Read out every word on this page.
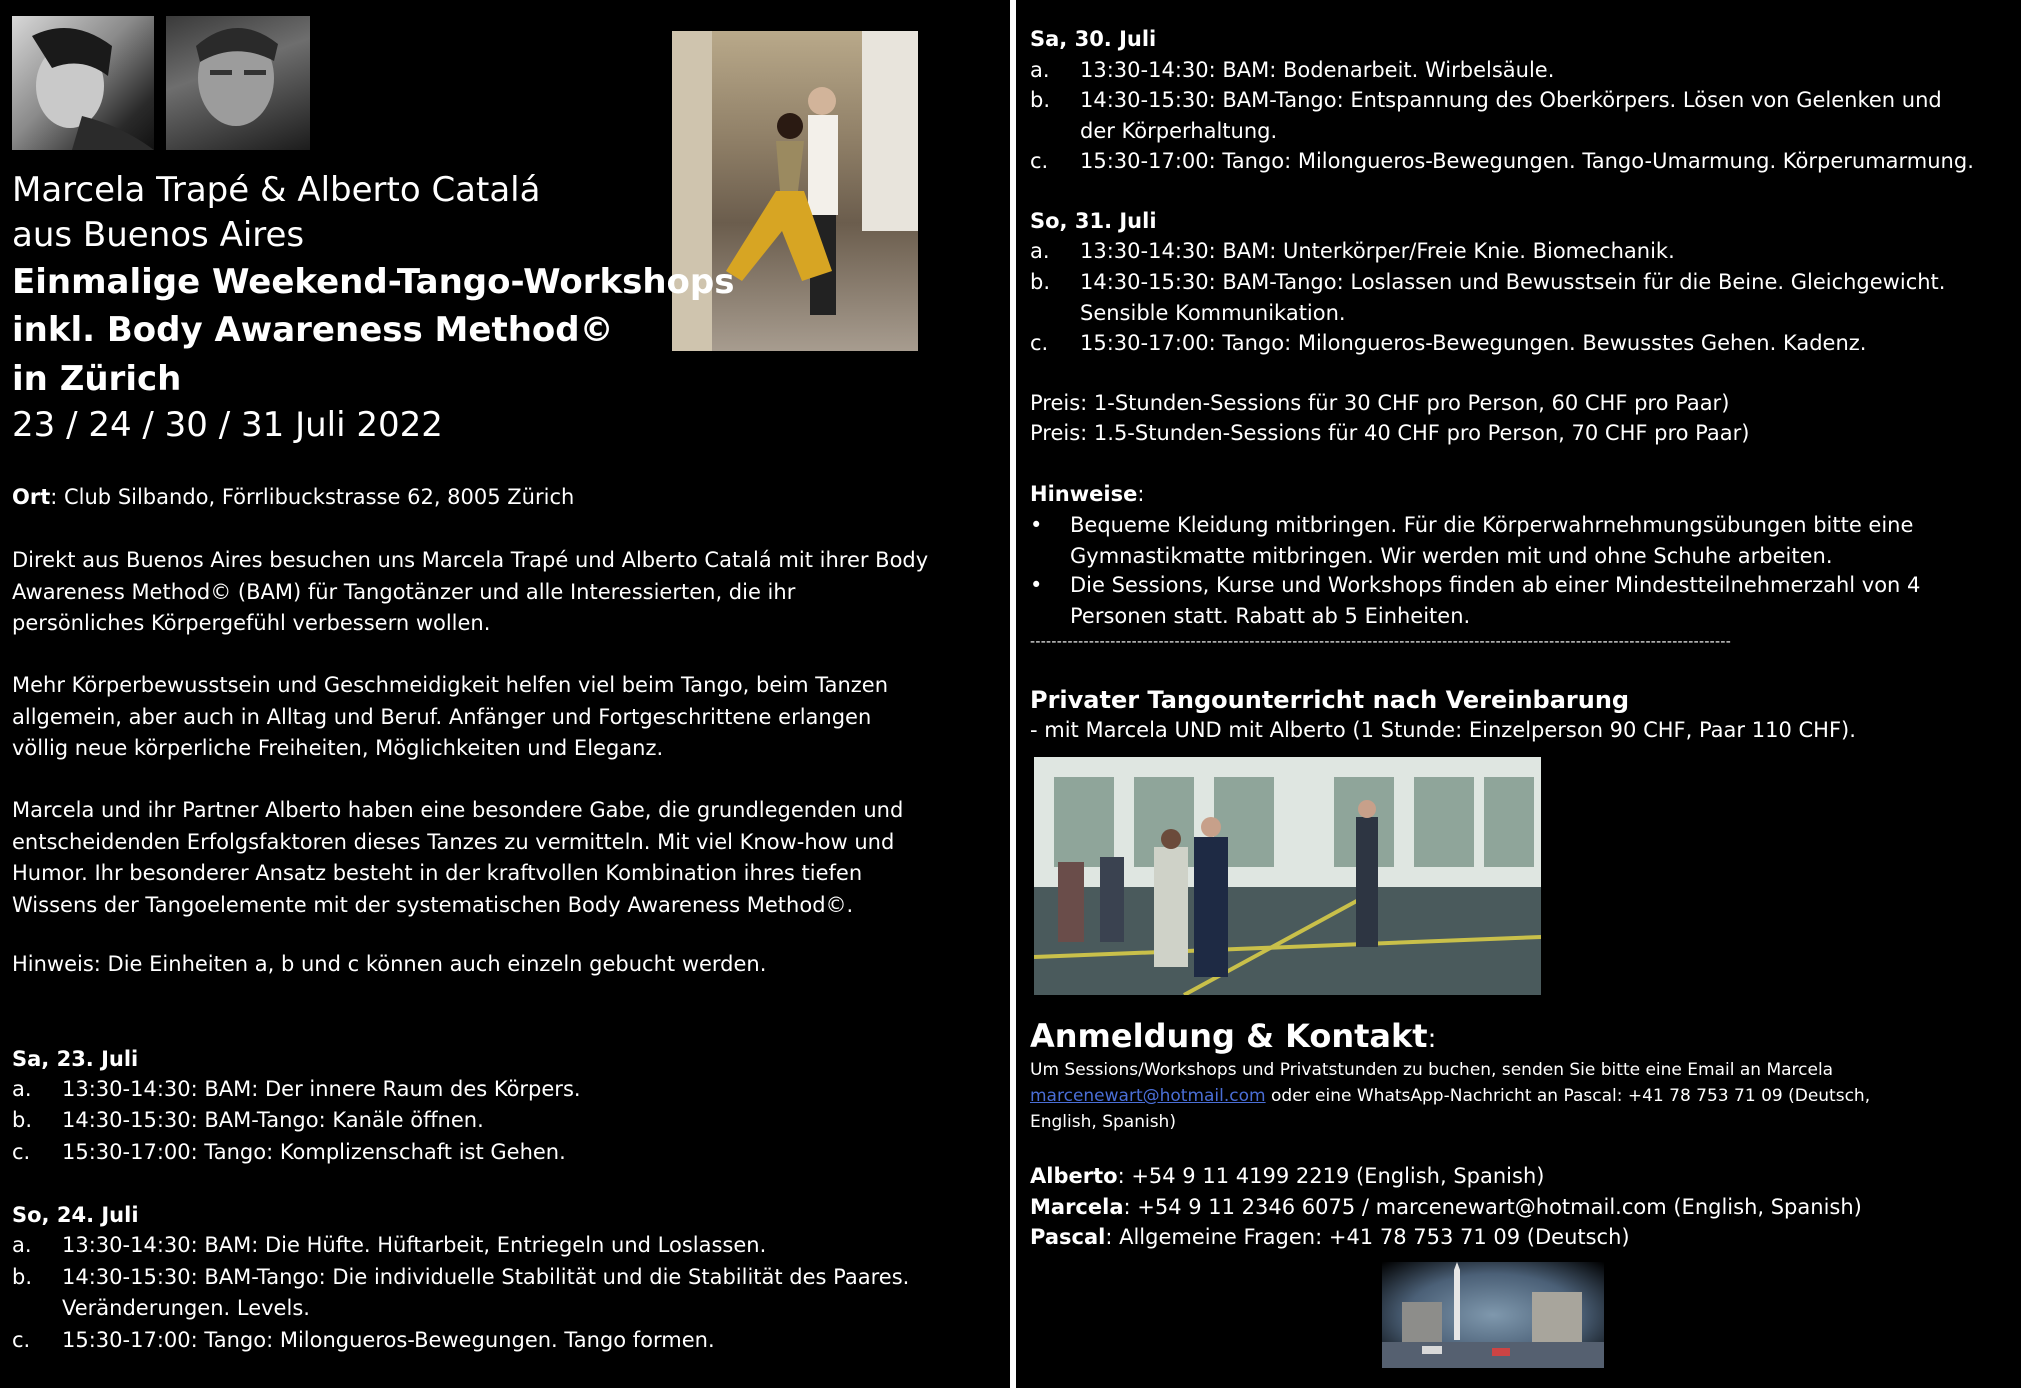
Marcela Trapé & Alberto Catalá
aus Buenos Aires
Einmalige Weekend-Tango-Workshops
inkl. Body Awareness Method©
in Zürich
23 / 24 / 30 / 31 Juli 2022
Ort: Club Silbando, Förrlibuckstrasse 62, 8005 Zürich
Direkt aus Buenos Aires besuchen uns Marcela Trapé und Alberto Catalá mit ihrer Body Awareness Method© (BAM) für Tangotänzer und alle Interessierten, die ihr persönliches Körpergefühl verbessern wollen.
Mehr Körperbewusstsein und Geschmeidigkeit helfen viel beim Tango, beim Tanzen allgemein, aber auch in Alltag und Beruf. Anfänger und Fortgeschrittene erlangen völlig neue körperliche Freiheiten, Möglichkeiten und Eleganz.
Marcela und ihr Partner Alberto haben eine besondere Gabe, die grundlegenden und entscheidenden Erfolgsfaktoren dieses Tanzes zu vermitteln. Mit viel Know-how und Humor. Ihr besonderer Ansatz besteht in der kraftvollen Kombination ihres tiefen Wissens der Tangoelemente mit der systematischen Body Awareness Method©.
Hinweis: Die Einheiten a, b und c können auch einzeln gebucht werden.
Sa, 23. Juli
a. 13:30-14:30: BAM: Der innere Raum des Körpers.
b. 14:30-15:30: BAM-Tango: Kanäle öffnen.
c. 15:30-17:00: Tango: Komplizenschaft ist Gehen.
So, 24. Juli
a. 13:30-14:30: BAM: Die Hüfte. Hüftarbeit, Entriegeln und Loslassen.
b. 14:30-15:30: BAM-Tango: Die individuelle Stabilität und die Stabilität des Paares. Veränderungen. Levels.
c. 15:30-17:00: Tango: Milongueros-Bewegungen. Tango formen.
Sa, 30. Juli
a. 13:30-14:30: BAM: Bodenarbeit. Wirbelsäule.
b. 14:30-15:30: BAM-Tango: Entspannung des Oberkörpers. Lösen von Gelenken und der Körperhaltung.
c. 15:30-17:00: Tango: Milongueros-Bewegungen. Tango-Umarmung. Körperumarmung.
So, 31. Juli
a. 13:30-14:30: BAM: Unterkörper/Freie Knie. Biomechanik.
b. 14:30-15:30: BAM-Tango: Loslassen und Bewusstsein für die Beine. Gleichgewicht. Sensible Kommunikation.
c. 15:30-17:00: Tango: Milongueros-Bewegungen. Bewusstes Gehen. Kadenz.
Preis: 1-Stunden-Sessions für 30 CHF pro Person, 60 CHF pro Paar)
Preis: 1.5-Stunden-Sessions für 40 CHF pro Person, 70 CHF pro Paar)
Hinweise:
• Bequeme Kleidung mitbringen. Für die Körperwahrnehmungsübungen bitte eine Gymnastikmatte mitbringen. Wir werden mit und ohne Schuhe arbeiten.
• Die Sessions, Kurse und Workshops finden ab einer Mindestteilnehmerzahl von 4 Personen statt. Rabatt ab 5 Einheiten.
-----------------------------------------------------------------------------------------------------------------------------------
Privater Tangounterricht nach Vereinbarung
- mit Marcela UND mit Alberto (1 Stunde: Einzelperson 90 CHF, Paar 110 CHF).
Anmeldung & Kontakt:
Um Sessions/Workshops und Privatstunden zu buchen, senden Sie bitte eine Email an Marcela
marcenewart@hotmail.com oder eine WhatsApp-Nachricht an Pascal: +41 78 753 71 09 (Deutsch,
English, Spanish)
Alberto: +54 9 11 4199 2219 (English, Spanish)
Marcela: +54 9 11 2346 6075 / marcenewart@hotmail.com (English, Spanish)
Pascal: Allgemeine Fragen: +41 78 753 71 09 (Deutsch)
